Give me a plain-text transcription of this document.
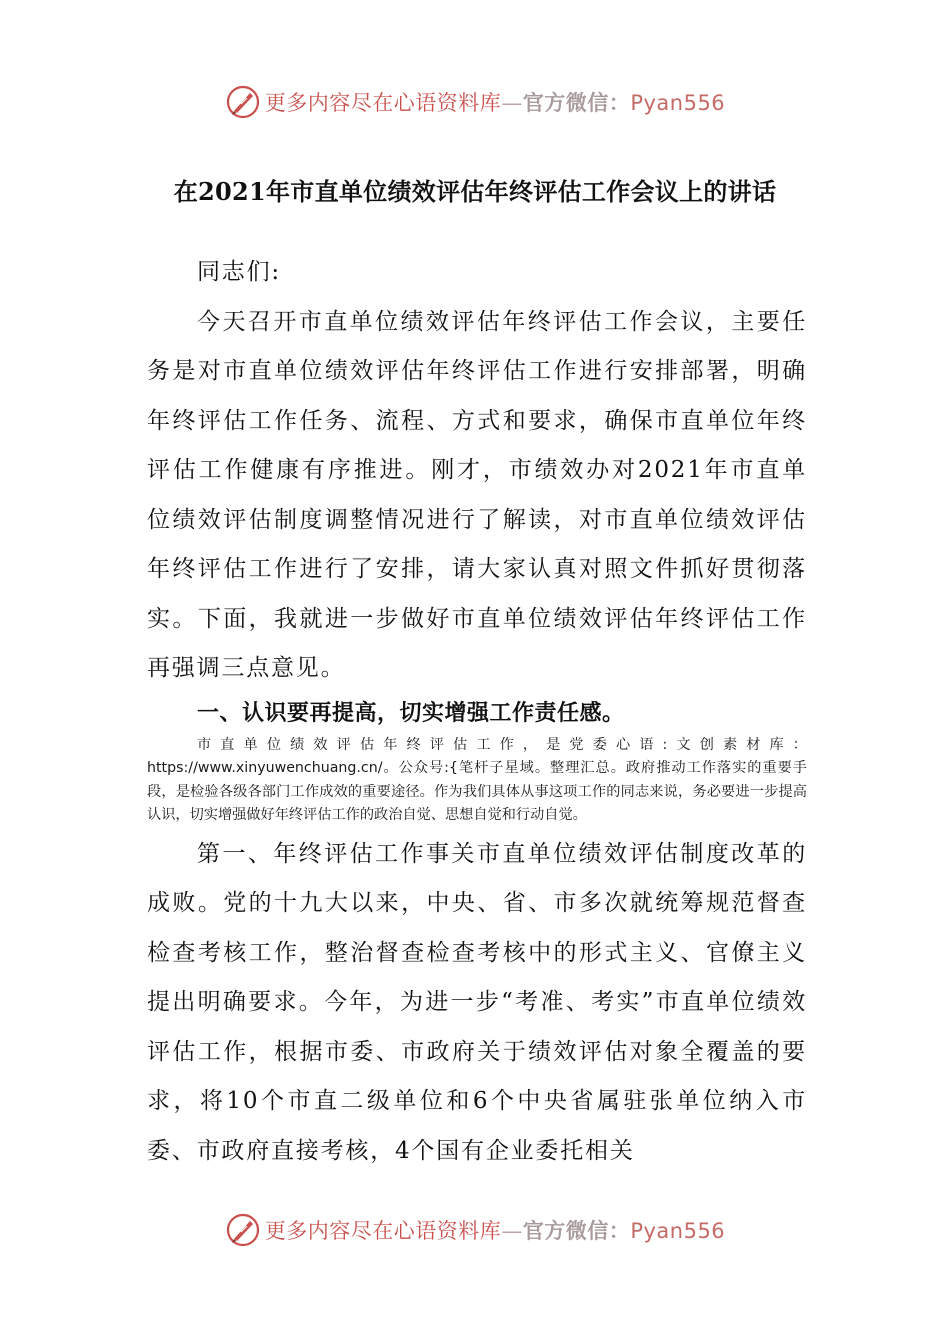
更多内容尽在心语资料库—官方微信：Pyan556
在2021年市直单位绩效评估年终评估工作会议上的讲话

同志们:

今天召开市直单位绩效评估年终评估工作会议，主要任务是对市直单位绩效评估年终评估工作进行安排部署，明确年终评估工作任务、流程、方式和要求，确保市直单位年终评估工作健康有序推进。刚才，市绩效办对2021年市直单位绩效评估制度调整情况进行了解读，对市直单位绩效评估年终评估工作进行了安排，请大家认真对照文件抓好贯彻落实。下面，我就进一步做好市直单位绩效评估年终评估工作再强调三点意见。

一、认识要再提高，切实增强工作责任感。

市直单位绩效评估年终评估工作，是党委心语:文创素材库：https://www.xinyuwenchuang.cn/。公众号:{笔杆子星域。整理汇总。政府推动工作落实的重要手段，是检验各级各部门工作成效的重要途径。作为我们具体从事这项工作的同志来说，务必要进一步提高认识，切实增强做好年终评估工作的政治自觉、思想自觉和行动自觉。

第一、年终评估工作事关市直单位绩效评估制度改革的成败。党的十九大以来，中央、省、市多次就统筹规范督查检查考核工作，整治督查检查考核中的形式主义、官僚主义提出明确要求。今年，为进一步“考准、考实”市直单位绩效评估工作，根据市委、市政府关于绩效评估对象全覆盖的要求，将10个市直二级单位和6个中央省属驻张单位纳入市委、市政府直接考核，4个国有企业委托相关

更多内容尽在心语资料库—官方微信：Pyan556
